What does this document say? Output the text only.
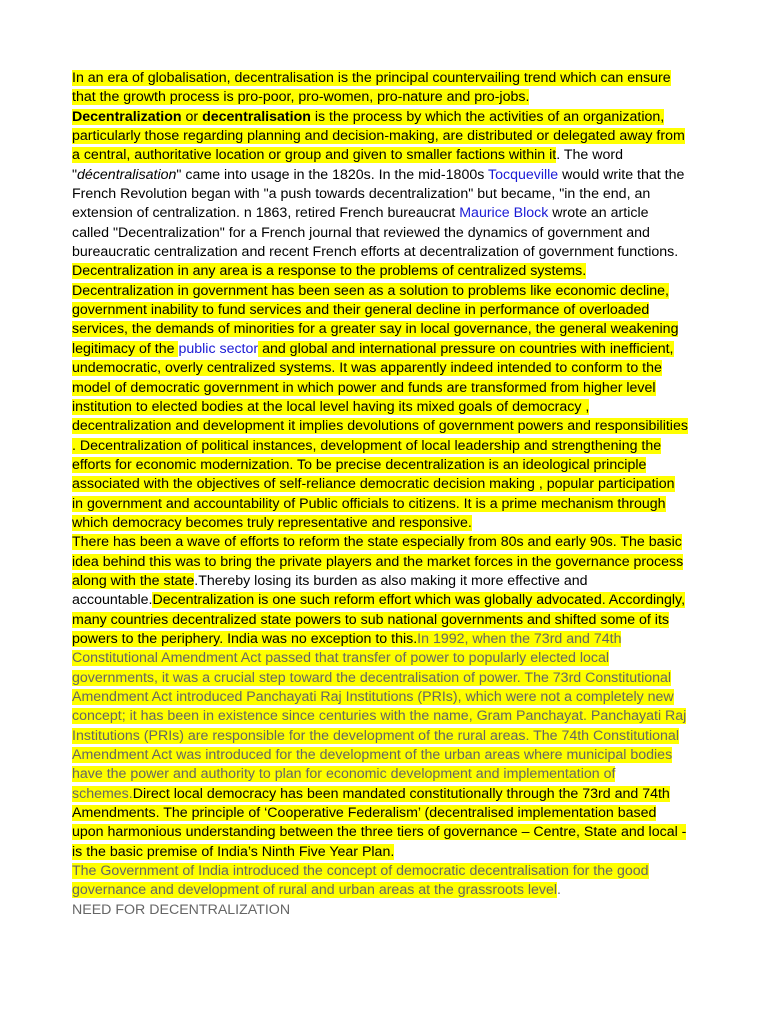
In an era of globalisation, decentralisation is the principal countervailing trend which can ensure that the growth process is pro-poor, pro-women, pro-nature and pro-jobs.
Decentralization or decentralisation is the process by which the activities of an organization, particularly those regarding planning and decision-making, are distributed or delegated away from a central, authoritative location or group and given to smaller factions within it. The word "décentralisation" came into usage in the 1820s. In the mid-1800s Tocqueville would write that the French Revolution began with "a push towards decentralization" but became, "in the end, an extension of centralization. n 1863, retired French bureaucrat Maurice Block wrote an article called "Decentralization" for a French journal that reviewed the dynamics of government and bureaucratic centralization and recent French efforts at decentralization of government functions. Decentralization in any area is a response to the problems of centralized systems. Decentralization in government has been seen as a solution to problems like economic decline, government inability to fund services and their general decline in performance of overloaded services, the demands of minorities for a greater say in local governance, the general weakening legitimacy of the public sector and global and international pressure on countries with inefficient, undemocratic, overly centralized systems. It was apparently indeed intended to conform to the model of democratic government in which power and funds are transformed from higher level institution to elected bodies at the local level having its mixed goals of democracy , decentralization and development it implies devolutions of government powers and responsibilities . Decentralization of political instances, development of local leadership and strengthening the efforts for economic modernization. To be precise decentralization is an ideological principle associated with the objectives of self-reliance democratic decision making , popular participation in government and accountability of Public officials to citizens. It is a prime mechanism through which democracy becomes truly representative and responsive.

There has been a wave of efforts to reform the state especially from 80s and early 90s. The basic idea behind this was to bring the private players and the market forces in the governance process along with the state.Thereby losing its burden as also making it more effective and accountable.Decentralization is one such reform effort which was globally advocated. Accordingly, many countries decentralized state powers to sub national governments and shifted some of its powers to the periphery. India was no exception to this.In 1992, when the 73rd and 74th Constitutional Amendment Act passed that transfer of power to popularly elected local governments, it was a crucial step toward the decentralisation of power. The 73rd Constitutional Amendment Act introduced Panchayati Raj Institutions (PRIs), which were not a completely new concept; it has been in existence since centuries with the name, Gram Panchayat. Panchayati Raj Institutions (PRIs) are responsible for the development of the rural areas. The 74th Constitutional Amendment Act was introduced for the development of the urban areas where municipal bodies have the power and authority to plan for economic development and implementation of schemes.Direct local democracy has been mandated constitutionally through the 73rd and 74th Amendments. The principle of ‘Cooperative Federalism’ (decentralised implementation based upon harmonious understanding between the three tiers of governance – Centre, State and local - is the basic premise of India’s Ninth Five Year Plan.

The Government of India introduced the concept of democratic decentralisation for the good governance and development of rural and urban areas at the grassroots level.

NEED FOR DECENTRALIZATION
